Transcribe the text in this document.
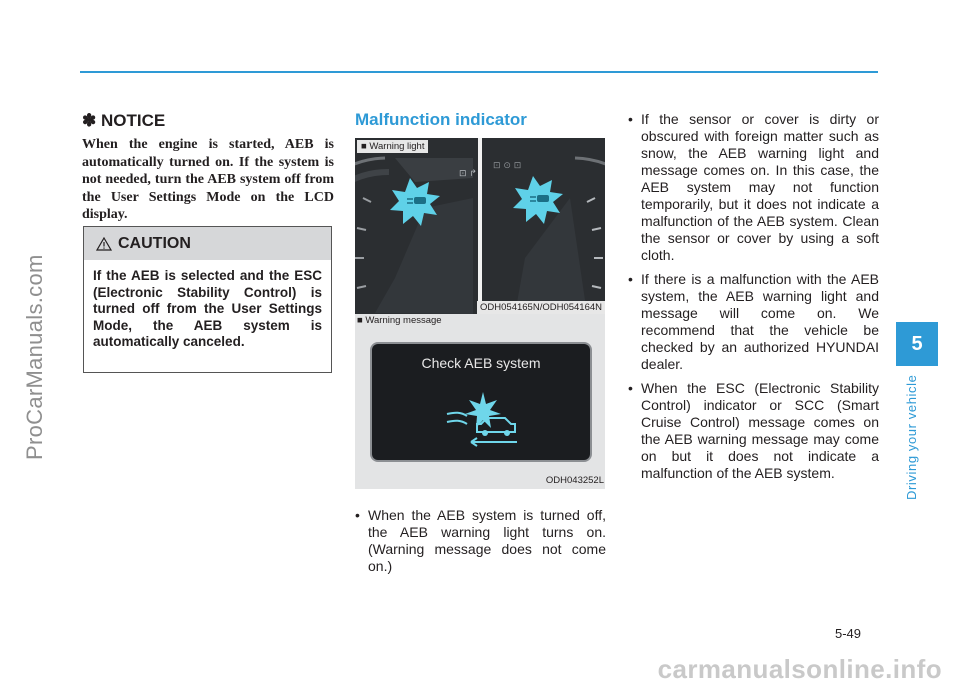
ProCarManuals.com	5
Driving your vehicle
✽ NOTICE
When the engine is started, AEB is automatically turned on. If the system is not needed, turn the AEB system off from the User Settings Mode on the LCD display.
CAUTION
If the AEB is selected and the ESC (Electronic Stability Control) is turned off from the User Settings Mode, the AEB system is automatically canceled.
Malfunction indicator
⊡ ↱
⊡ ⊙ ⊡
■ Warning light
ODH054165N/ODH054164N
■ Warning message
Check AEB system
ODH043252L
• When the AEB system is turned off, the AEB warning light turns on. (Warning message does not come on.)
• If the sensor or cover is dirty or obscured with foreign matter such as snow, the AEB warning light and message comes on. In this case, the AEB system may not function temporarily, but it does not indicate a malfunction of the AEB system. Clean the sensor or cover by using a soft cloth.
• If there is a malfunction with the AEB system, the AEB warning light and message will come on. We recommend that the vehicle be checked by an authorized HYUNDAI dealer.
• When the ESC (Electronic Stability Control) indicator or SCC (Smart Cruise Control) message comes on the AEB warning message may come on but it does not indicate a malfunction of the AEB system.
5-49
carmanualsonline.info
